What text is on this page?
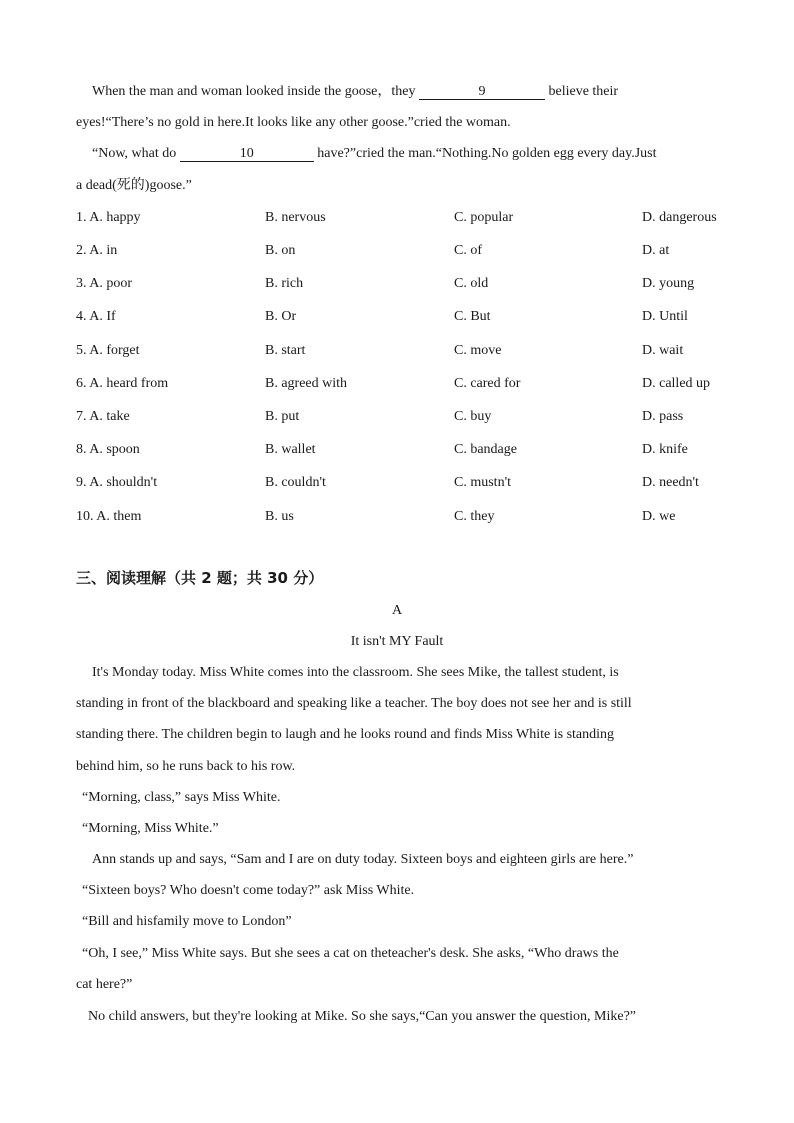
When the man and woman looked inside the goose，they	9	believe their
eyes!“There’s no gold in here.It looks like any other goose.”cried the woman.
“Now, what do	10	have?”cried the man.“Nothing.No golden egg every day.Just
a dead(死的)goose.”
1. A. happy	B. nervous	C. popular	D. dangerous
2. A. in	B. on	C. of	D. at
3. A. poor	B. rich	C. old	D. young
4. A. If	B. Or	C. But	D. Until
5. A. forget	B. start	C. move	D. wait
6. A. heard from	B. agreed with	C. cared for	D. called up
7. A. take	B. put	C. buy	D. pass
8. A. spoon	B. wallet	C. bandage	D. knife
9. A. shouldn't	B. couldn't	C. mustn't	D. needn't
10. A. them	B. us	C. they	D. we
三、阅读理解（共 2 题；共 30 分）
A
It isn't MY Fault
It's Monday today. Miss White comes into the classroom. She sees Mike, the tallest student, is
standing in front of the blackboard and speaking like a teacher. The boy does not see her and is still
standing there. The children begin to laugh and he looks round and finds Miss White is standing
behind him, so he runs back to his row.
“Morning, class,” says Miss White.
“Morning, Miss White.”
Ann stands up and says, “Sam and I are on duty today. Sixteen boys and eighteen girls are here.”
“Sixteen boys? Who doesn't come today?” ask Miss White.
“Bill and hisfamily move to London”
“Oh, I see,” Miss White says. But she sees a cat on theteacher's desk. She asks, “Who draws the
cat here?”
No child answers, but they're looking at Mike. So she says,“Can you answer the question, Mike?”
